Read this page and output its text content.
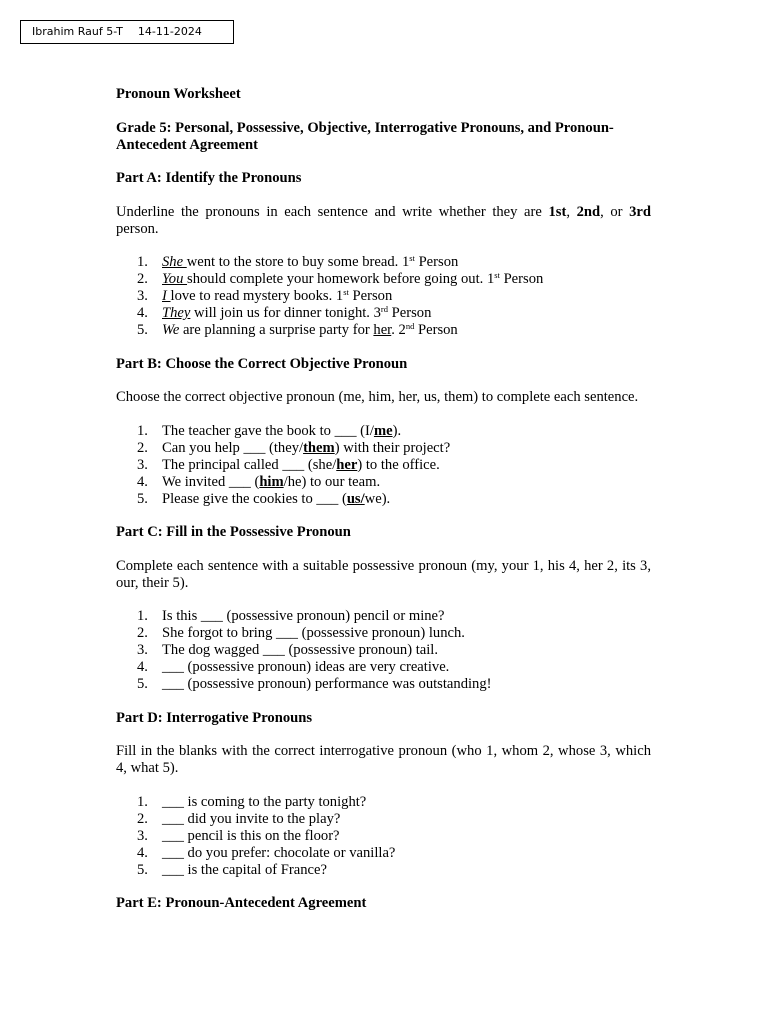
Ibrahim Rauf 5-T 14-11-2024

Pronoun Worksheet

Grade 5: Personal, Possessive, Objective, Interrogative Pronouns, and Pronoun-Antecedent Agreement

Part A: Identify the Pronouns

Underline the pronouns in each sentence and write whether they are 1st, 2nd, or 3rd person.

1. She went to the store to buy some bread. 1st Person
2. You should complete your homework before going out. 1st Person
3. I love to read mystery books. 1st Person
4. They will join us for dinner tonight. 3rd Person
5. We are planning a surprise party for her. 2nd Person

Part B: Choose the Correct Objective Pronoun

Choose the correct objective pronoun (me, him, her, us, them) to complete each sentence.

1. The teacher gave the book to ___ (I/me).
2. Can you help ___ (they/them) with their project?
3. The principal called ___ (she/her) to the office.
4. We invited ___ (him/he) to our team.
5. Please give the cookies to ___ (us/we).

Part C: Fill in the Possessive Pronoun

Complete each sentence with a suitable possessive pronoun (my, your 1, his 4, her 2, its 3, our, their 5).

1. Is this ___ (possessive pronoun) pencil or mine?
2. She forgot to bring ___ (possessive pronoun) lunch.
3. The dog wagged ___ (possessive pronoun) tail.
4. ___ (possessive pronoun) ideas are very creative.
5. ___ (possessive pronoun) performance was outstanding!

Part D: Interrogative Pronouns

Fill in the blanks with the correct interrogative pronoun (who 1, whom 2, whose 3, which 4, what 5).

1. ___ is coming to the party tonight?
2. ___ did you invite to the play?
3. ___ pencil is this on the floor?
4. ___ do you prefer: chocolate or vanilla?
5. ___ is the capital of France?

Part E: Pronoun-Antecedent Agreement
